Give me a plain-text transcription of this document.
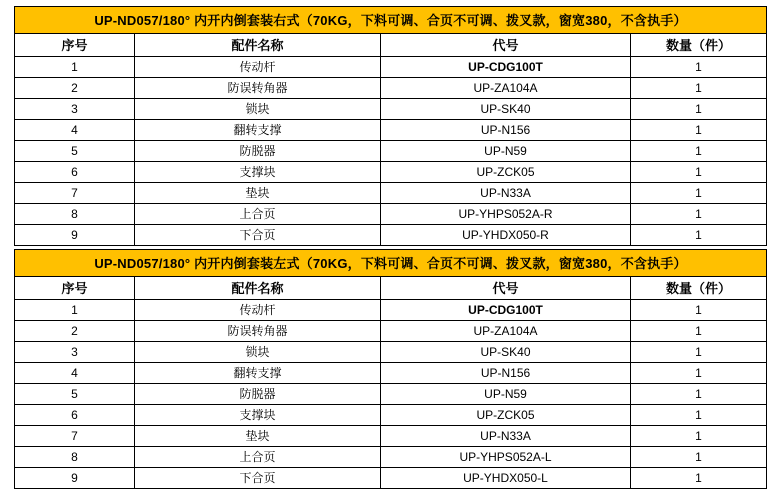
UP-ND057/180° 内开内倒套装右式（70KG，下料可调、合页不可调、拨叉款，窗宽380，不含执手）			
序号	配件名称	代号	数量（件）
1	传动杆	UP-CDG100T	1
2	防误转角器	UP-ZA104A	1
3	锁块	UP-SK40	1
4	翻转支撑	UP-N156	1
5	防脱器	UP-N59	1
6	支撑块	UP-ZCK05	1
7	垫块	UP-N33A	1
8	上合页	UP-YHPS052A-R	1
9	下合页	UP-YHDX050-R	1
UP-ND057/180° 内开内倒套装左式（70KG，下料可调、合页不可调、拨叉款，窗宽380，不含执手）			
序号	配件名称	代号	数量（件）
1	传动杆	UP-CDG100T	1
2	防误转角器	UP-ZA104A	1
3	锁块	UP-SK40	1
4	翻转支撑	UP-N156	1
5	防脱器	UP-N59	1
6	支撑块	UP-ZCK05	1
7	垫块	UP-N33A	1
8	上合页	UP-YHPS052A-L	1
9	下合页	UP-YHDX050-L	1
